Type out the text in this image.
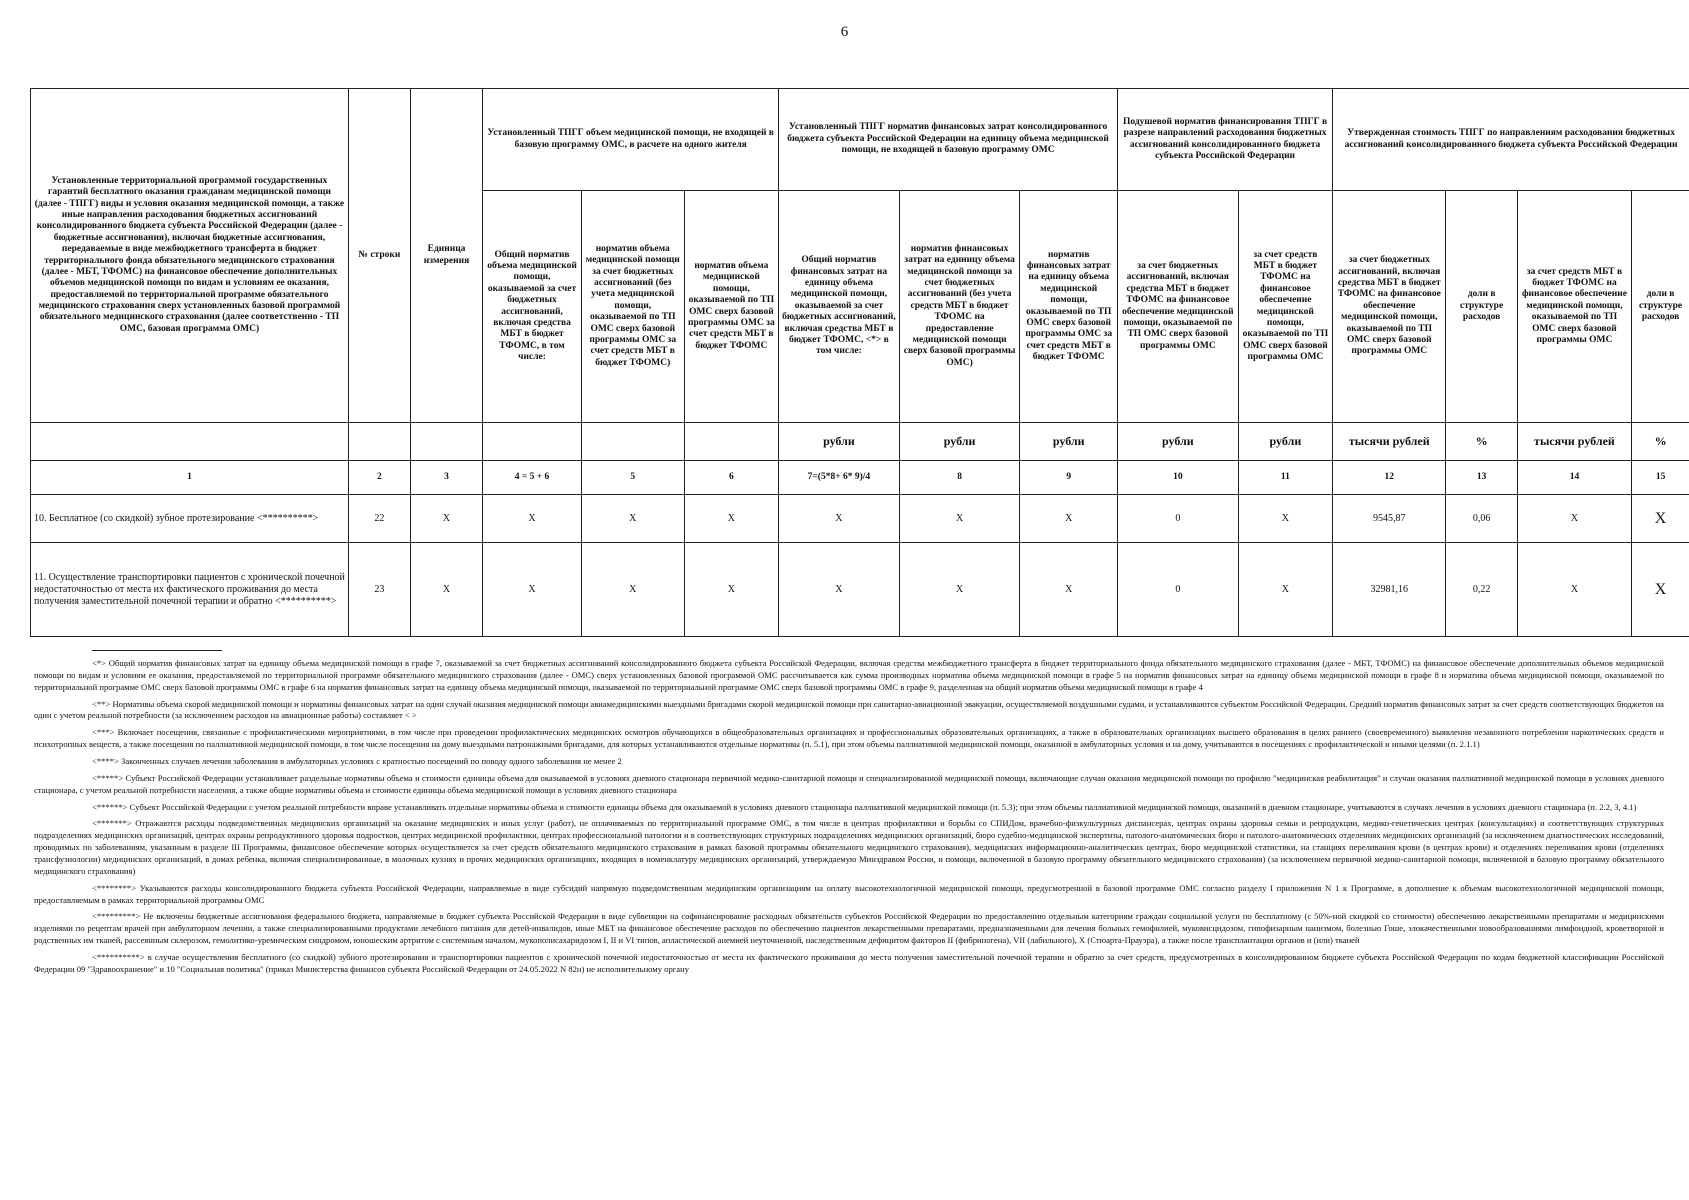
6
Установленные территориальной программой государственных гарантий бесплатного оказания гражданам медицинской помощи (далее - ТПГГ) виды и условия оказания медицинской помощи, а также иные направления расходования бюджетных ассигнований консолидированного бюджета субъекта Российской Федерации (далее - бюджетные ассигнования), включая бюджетные ассигнования, передаваемые в виде межбюджетного трансферта в бюджет территориального фонда обязательного медицинского страхования (далее - МБТ, ТФОМС) на финансовое обеспечение дополнительных объемов медицинской помощи по видам и условиям ее оказания, предоставляемой по территориальной программе обязательного медицинского страхования сверх установленных базовой программой обязательного медицинского страхования (далее соответственно - ТП ОМС, базовая программа ОМС)	№ строки	Единица измерения	Установленный ТПГГ объем медицинской помощи, не входящей в базовую программу ОМС, в расчете на одного жителя			Установленный ТПГГ норматив финансовых затрат консолидированного бюджета субъекта Российской Федерации на единицу объема медицинской помощи, не входящей в базовую программу ОМС			Подушевой норматив финансирования ТПГГ в разрезе направлений расходования бюджетных ассигнований консолидированного бюджета субъекта Российской Федерации		Утвержденная стоимость ТПГГ по направлениям расходования бюджетных ассигнований консолидированного бюджета субъекта Российской Федерации			
			Общий норматив объема медицинской помощи, оказываемой за счет бюджетных ассигнований, включая средства МБТ в бюджет ТФОМС, в том числе:	норматив объема медицинской помощи за счет бюджетных ассигнований (без учета медицинской помощи, оказываемой по ТП ОМС сверх базовой программы ОМС за счет средств МБТ в бюджет ТФОМС)	норматив объема медицинской помощи, оказываемой по ТП ОМС сверх базовой программы ОМС за счет средств МБТ в бюджет ТФОМС	Общий норматив финансовых затрат на единицу объема медицинской помощи, оказываемой за счет бюджетных ассигнований, включая средства МБТ в бюджет ТФОМС, <*> в том числе:	норматив финансовых затрат на единицу объема медицинской помощи за счет бюджетных ассигнований (без учета средств МБТ в бюджет ТФОМС на предоставление медицинской помощи сверх базовой программы ОМС)	норматив финансовых затрат на единицу объема медицинской помощи, оказываемой по ТП ОМС сверх базовой программы ОМС за счет средств МБТ в бюджет ТФОМС	за счет бюджетных ассигнований, включая средства МБТ в бюджет ТФОМС на финансовое обеспечение медицинской помощи, оказываемой по ТП ОМС сверх базовой программы ОМС	за счет средств МБТ в бюджет ТФОМС на финансовое обеспечение медицинской помощи, оказываемой по ТП ОМС сверх базовой программы ОМС	за счет бюджетных ассигнований, включая средства МБТ в бюджет ТФОМС на финансовое обеспечение медицинской помощи, оказываемой по ТП ОМС сверх базовой программы ОМС	доли в структуре расходов	за счет средств МБТ в бюджет ТФОМС на финансовое обеспечение медицинской помощи, оказываемой по ТП ОМС сверх базовой программы ОМС	доли в структуре расходов
						рубли	рубли	рубли	рубли	рубли	тысячи рублей	%	тысячи рублей	%
1	2	3	4 = 5 + 6	5	6	7=(5*8+ 6* 9)/4	8	9	10	11	12	13	14	15
10. Бесплатное (со скидкой) зубное протезирование <**********>	22	X	X	X	X	X	X	X	0	X	9545,87	0,06	X	X
11. Осуществление транспортировки пациентов с хронической почечной недостаточностью от места их фактического проживания до места получения заместительной почечной терапии и обратно <**********>	23	X	X	X	X	X	X	X	0	X	32981,16	0,22	X	X

<*> Общий норматив финансовых затрат на единицу объема медицинской помощи в графе 7, оказываемой за счет бюджетных ассигнований консолидированного бюджета субъекта Российской Федерации, включая средства межбюджетного трансферта в бюджет территориального фонда обязательного медицинского страхования (далее - МБТ, ТФОМС) на финансовое обеспечение дополнительных объемов медицинской помощи по видам и условиям ее оказания, предоставляемой по территориальной программе обязательного медицинского страхования (далее - ОМС) сверх установленных базовой программой ОМС рассчитывается как сумма производных норматива объема медицинской помощи в графе 5 на норматив финансовых затрат на единицу объема медицинской помощи в графе 8 и норматива объема медицинской помощи, оказываемой по территориальной программе ОМС сверх базовой программы ОМС в графе 6 на норматив финансовых затрат на единицу объема медицинской помощи, оказываемой по территориальной программе ОМС сверх базовой программы ОМС в графе 9, разделенная на общий норматив объема медицинской помощи в графе 4

<**> Нормативы объема скорой медицинской помощи и нормативы финансовых затрат на один случай оказания медицинской помощи авиамедицинскими выездными бригадами скорой медицинской помощи при санитарно-авиационной эвакуации, осуществляемой воздушными судами, и устанавливаются субъектом Российской Федерации. Средний норматив финансовых затрат за счет средств соответствующих бюджетов на один с учетом реальной потребности (за исключением расходов на авиационные работы) составляет < >

<***> Включает посещения, связанные с профилактическими мероприятиями, в том числе при проведении профилактических медицинских осмотров обучающихся в общеобразовательных организациях и профессиональных образовательных организациях, а также в образовательных организациях высшего образования в целях раннего (своевременного) выявления незаконного потребления наркотических средств и психотропных веществ, а также посещения по паллиативной медицинской помощи, в том числе посещения на дому выездными патронажными бригадами, для которых устанавливаются отдельные нормативы (п. 5.1), при этом объемы паллиативной медицинской помощи, оказанной в амбулаторных условия и на дому, учитываются в посещениях с профилактической и иными целями (п. 2.1.1)

<****> Законченных случаев лечения заболевания в амбулаторных условиях с кратностью посещений по поводу одного заболевания не менее 2

<*****> Субъект Российской Федерации устанавливает раздельные нормативы объема и стоимости единицы объема для оказываемой в условиях дневного стационара первичной медико-санитарной помощи и специализированной медицинской помощи, включающие случаи оказания медицинской помощи по профилю "медицинская реабилитация" и случаи оказания паллиативной медицинской помощи в условиях дневного стационара, с учетом реальной потребности населения, а также общие нормативы объема и стоимости единицы объема медицинской помощи в условиях дневного стационара

<******> Субъект Российской Федерации с учетом реальной потребности вправе устанавливать отдельные нормативы объема и стоимости единицы объема для оказываемой в условиях дневного стационара паллиативной медицинской помощи (п. 5.3); при этом объемы паллиативной медицинской помощи, оказанной в дневном стационаре, учитываются в случаях лечения в условиях дневного стационара (п. 2.2, 3, 4.1)

<*******> Отражаются расходы подведомственных медицинских организаций на оказание медицинских и иных услуг (работ), не оплачиваемых по территориальной программе ОМС, в том числе в центрах профилактики и борьбы со СПИДом, врачебно-физкультурных диспансерах, центрах охраны здоровья семьи и репродукции, медико-генетических центрах (консультациях) и соответствующих структурных подразделениях медицинских организаций, центрах охраны репродуктивного здоровья подростков, центрах медицинской профилактики, центрах профессиональной патологии и в соответствующих структурных подразделениях медицинских организаций, бюро судебно-медицинской экспертизы, патолого-анатомических бюро и патолого-анатомических отделениях медицинских организаций (за исключением диагностических исследований, проводимых по заболеваниям, указанным в разделе III Программы, финансовое обеспечение которых осуществляется за счет средств обязательного медицинского страхования в рамках базовой программы обязательного медицинского страхования), медицинских информационно-аналитических центрах, бюро медицинской статистики, на станциях переливания крови (в центрах крови) и отделениях переливания крови (отделениях трансфузиологии) медицинских организаций, в домах ребенка, включая специализированные, в молочных кухнях и прочих медицинских организациях, входящих в номенклатуру медицинских организаций, утверждаемую Минздравом России, и помощи, включенной в базовую программу обязательного медицинского страхования) (за исключением первичной медико-санитарной помощи, включенной в базовую программу обязательного медицинского страхования)

<********> Указываются расходы консолидированного бюджета субъекта Российской Федерации, направляемые в виде субсидий напрямую подведомственным медицинским организациям на оплату высокотехнологичной медицинской помощи, предусмотренной в базовой программе ОМС согласно разделу I приложения N 1 к Программе, в дополнение к объемам высокотехнологичной медицинской помощи, предоставляемым в рамках территориальной программы ОМС

<*********> Не включены бюджетные ассигнования федерального бюджета, направляемые в бюджет субъекта Российской Федерации в виде субвенции на софинансирование расходных обязательств субъектов Российской Федерации по предоставлению отдельным категориям граждан социальной услуги по бесплатному (с 50%-ной скидкой со стоимости) обеспечению лекарственными препаратами и медицинскими изделиями по рецептам врачей при амбулаторном лечении, а также специализированными продуктами лечебного питания для детей-инвалидов, иные МБТ на финансовое обеспечение расходов по обеспечению пациентов лекарственными препаратами, предназначенными для лечения больных гемофилией, муковисцидозом, гипофизарным нанизмом, болезнью Гоше, злокачественными новообразованиями лимфоидной, кроветворной и родственных им тканей, рассеянным склерозом, гемолитико-уремическим синдромом, юношеским артритом с системным началом, мукополисахаридозом I, II и VI типов, апластической анемией неуточненной, наследственным дефицитом факторов II (фибриногена), VII (лабильного), X (Стюарта-Прауэра), а также после трансплантации органов и (или) тканей

<**********> в случае осуществления бесплатного (со скидкой) зубного протезирования и транспортировки пациентов с хронической почечной недостаточностью от места их фактического проживания до места получения заместительной почечной терапии и обратно за счет средств, предусмотренных в консолидированном бюджете субъекта Российской Федерации по кодам бюджетной классификации Российской Федерации 09 "Здравоохранение" и 10 "Социальная политика" (приказ Министерства финансов субъекта Российской Федерации от 24.05.2022 N 82н) не исполнительному органу
